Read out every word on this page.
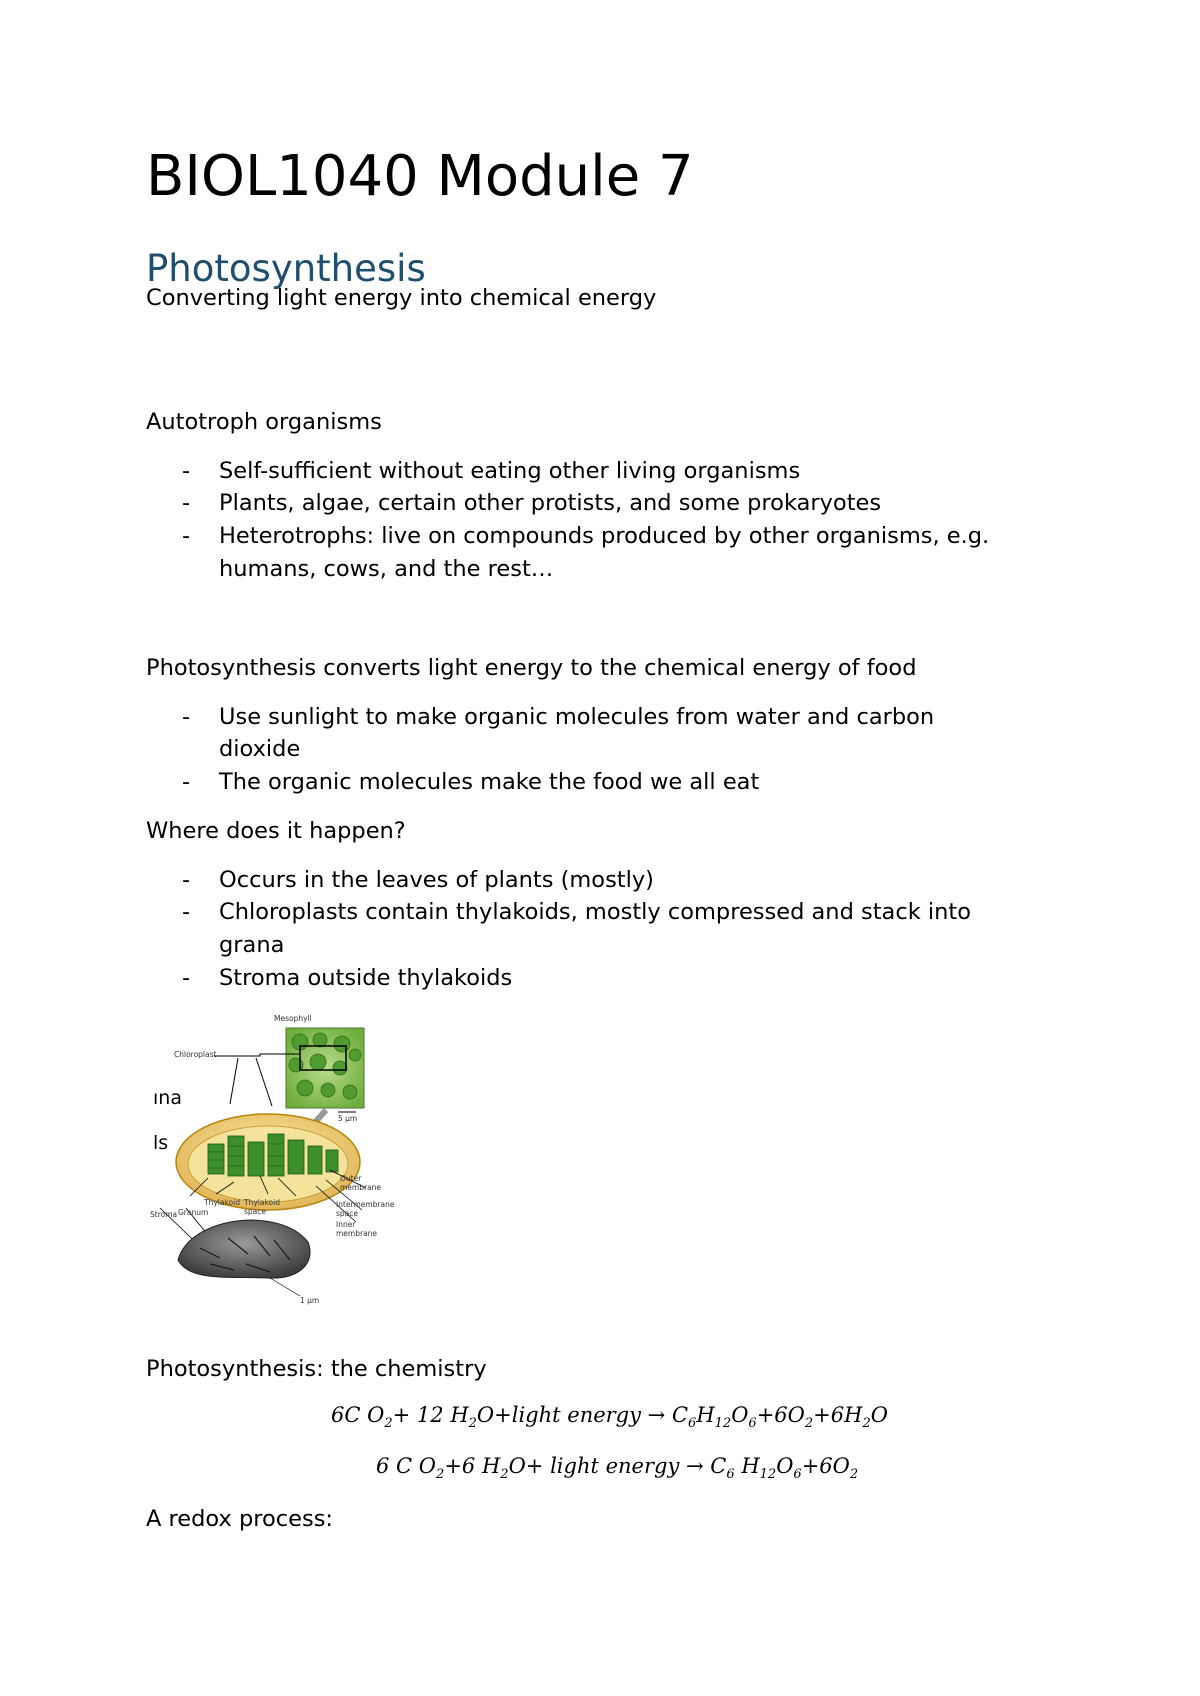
BIOL1040 Module 7
Photosynthesis
Converting light energy into chemical energy
Autotroph organisms
- Self-sufficient without eating other living organisms
- Plants, algae, certain other protists, and some prokaryotes
- Heterotrophs: live on compounds produced by other organisms, e.g.
humans, cows, and the rest…
Photosynthesis converts light energy to the chemical energy of food
- Use sunlight to make organic molecules from water and carbon
dioxide
- The organic molecules make the food we all eat
Where does it happen?
- Occurs in the leaves of plants (mostly)
- Chloroplasts contain thylakoids, mostly compressed and stack into
grana
- Stroma outside thylakoids
ına
ls
Mesophyll
Chloroplast
5 µm
Outer membrane
Thylakoid Thylakoid space
Intermembrane space
Inner membrane
Stroma Granum
1 µm
Photosynthesis: the chemistry
6C $O_2+ 12$ $H_2O+light$ energy → $C_6H_{12}O_6+6O_2+6H_2O$
6 C $O_2+6$ $H_2O+$ light energy → $C_6$ $H_{12}O_6+6O_2$
A redox process:
